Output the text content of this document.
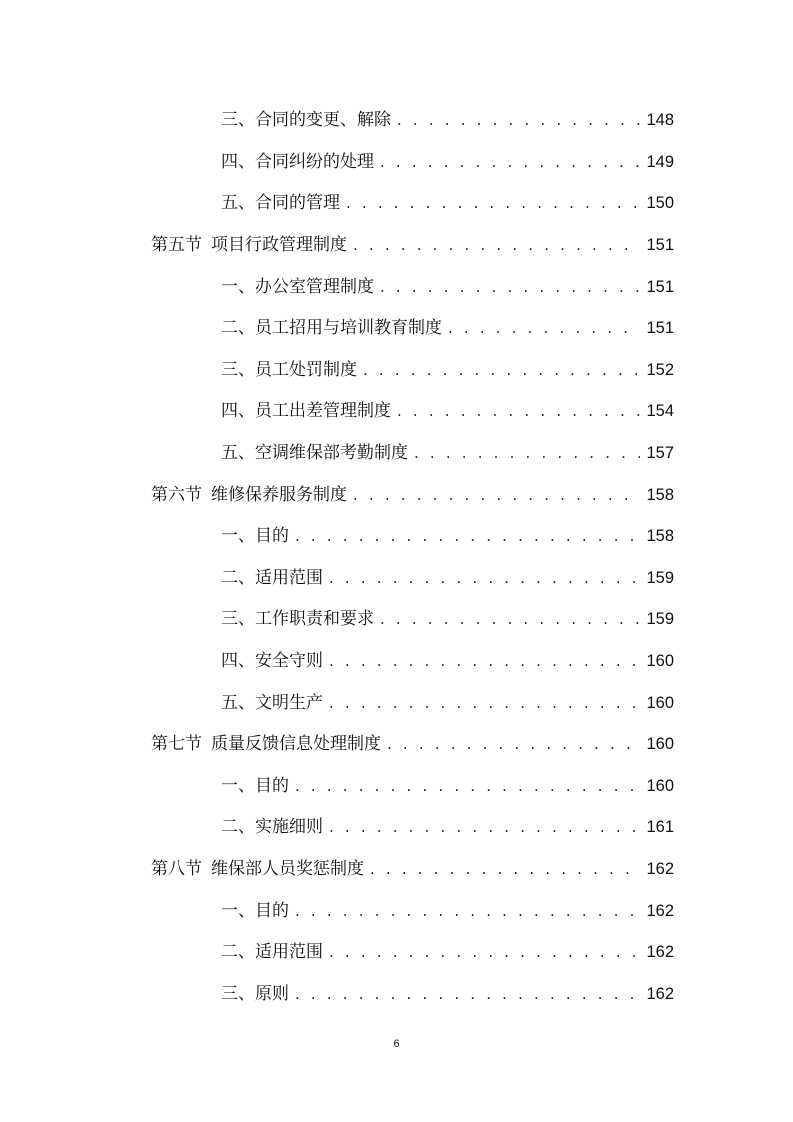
三、合同的变更、解除 . . .	148
四、合同纠纷的处理 . . .	149
五、合同的管理 . . .	150
第五节 项目行政管理制度 . . .	151
一、办公室管理制度 . . .	151
二、员工招用与培训教育制度 . . .	151
三、员工处罚制度 . . .	152
四、员工出差管理制度 . . .	154
五、空调维保部考勤制度 . . .	157
第六节 维修保养服务制度 . . .	158
一、目的 . . .	158
二、适用范围 . . .	159
三、工作职责和要求 . . .	159
四、安全守则 . . .	160
五、文明生产 . . .	160
第七节 质量反馈信息处理制度 . . .	160
一、目的 . . .	160
二、实施细则 . . .	161
第八节 维保部人员奖惩制度 . . .	162
一、目的 . . .	162
二、适用范围 . . .	162
三、原则 . . .	162
6
